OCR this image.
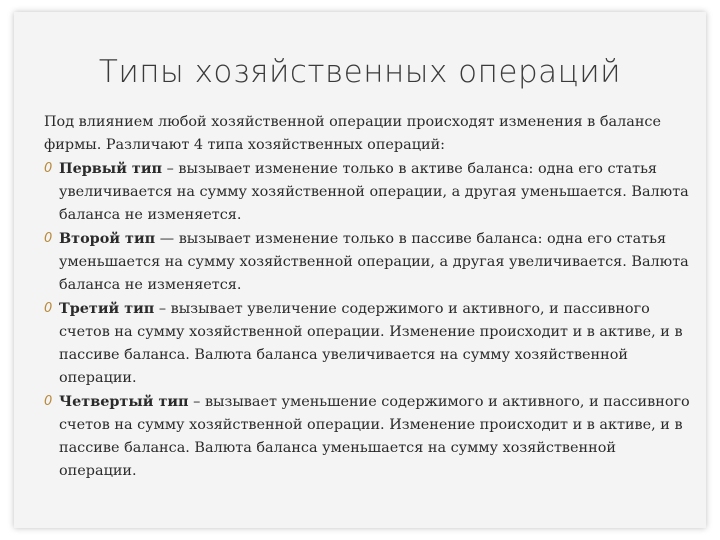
Типы хозяйственных операций

Под влиянием любой хозяйственной операции происходят изменения в балансе фирмы. Различают 4 типа хозяйственных операций:

0 Первый тип – вызывает изменение только в активе баланса: одна его статья увеличивается на сумму хозяйственной операции, а другая уменьшается. Валюта баланса не изменяется.
0 Второй тип — вызывает изменение только в пассиве баланса: одна его статья уменьшается на сумму хозяйственной операции, а другая увеличивается. Валюта баланса не изменяется.
0 Третий тип – вызывает увеличение содержимого и активного, и пассивного счетов на сумму хозяйственной операции. Изменение происходит и в активе, и в пассиве баланса. Валюта баланса увеличивается на сумму хозяйственной операции.
0 Четвертый тип – вызывает уменьшение содержимого и активного, и пассивного счетов на сумму хозяйственной операции. Изменение происходит и в активе, и в пассиве баланса. Валюта баланса уменьшается на сумму хозяйственной операции.
